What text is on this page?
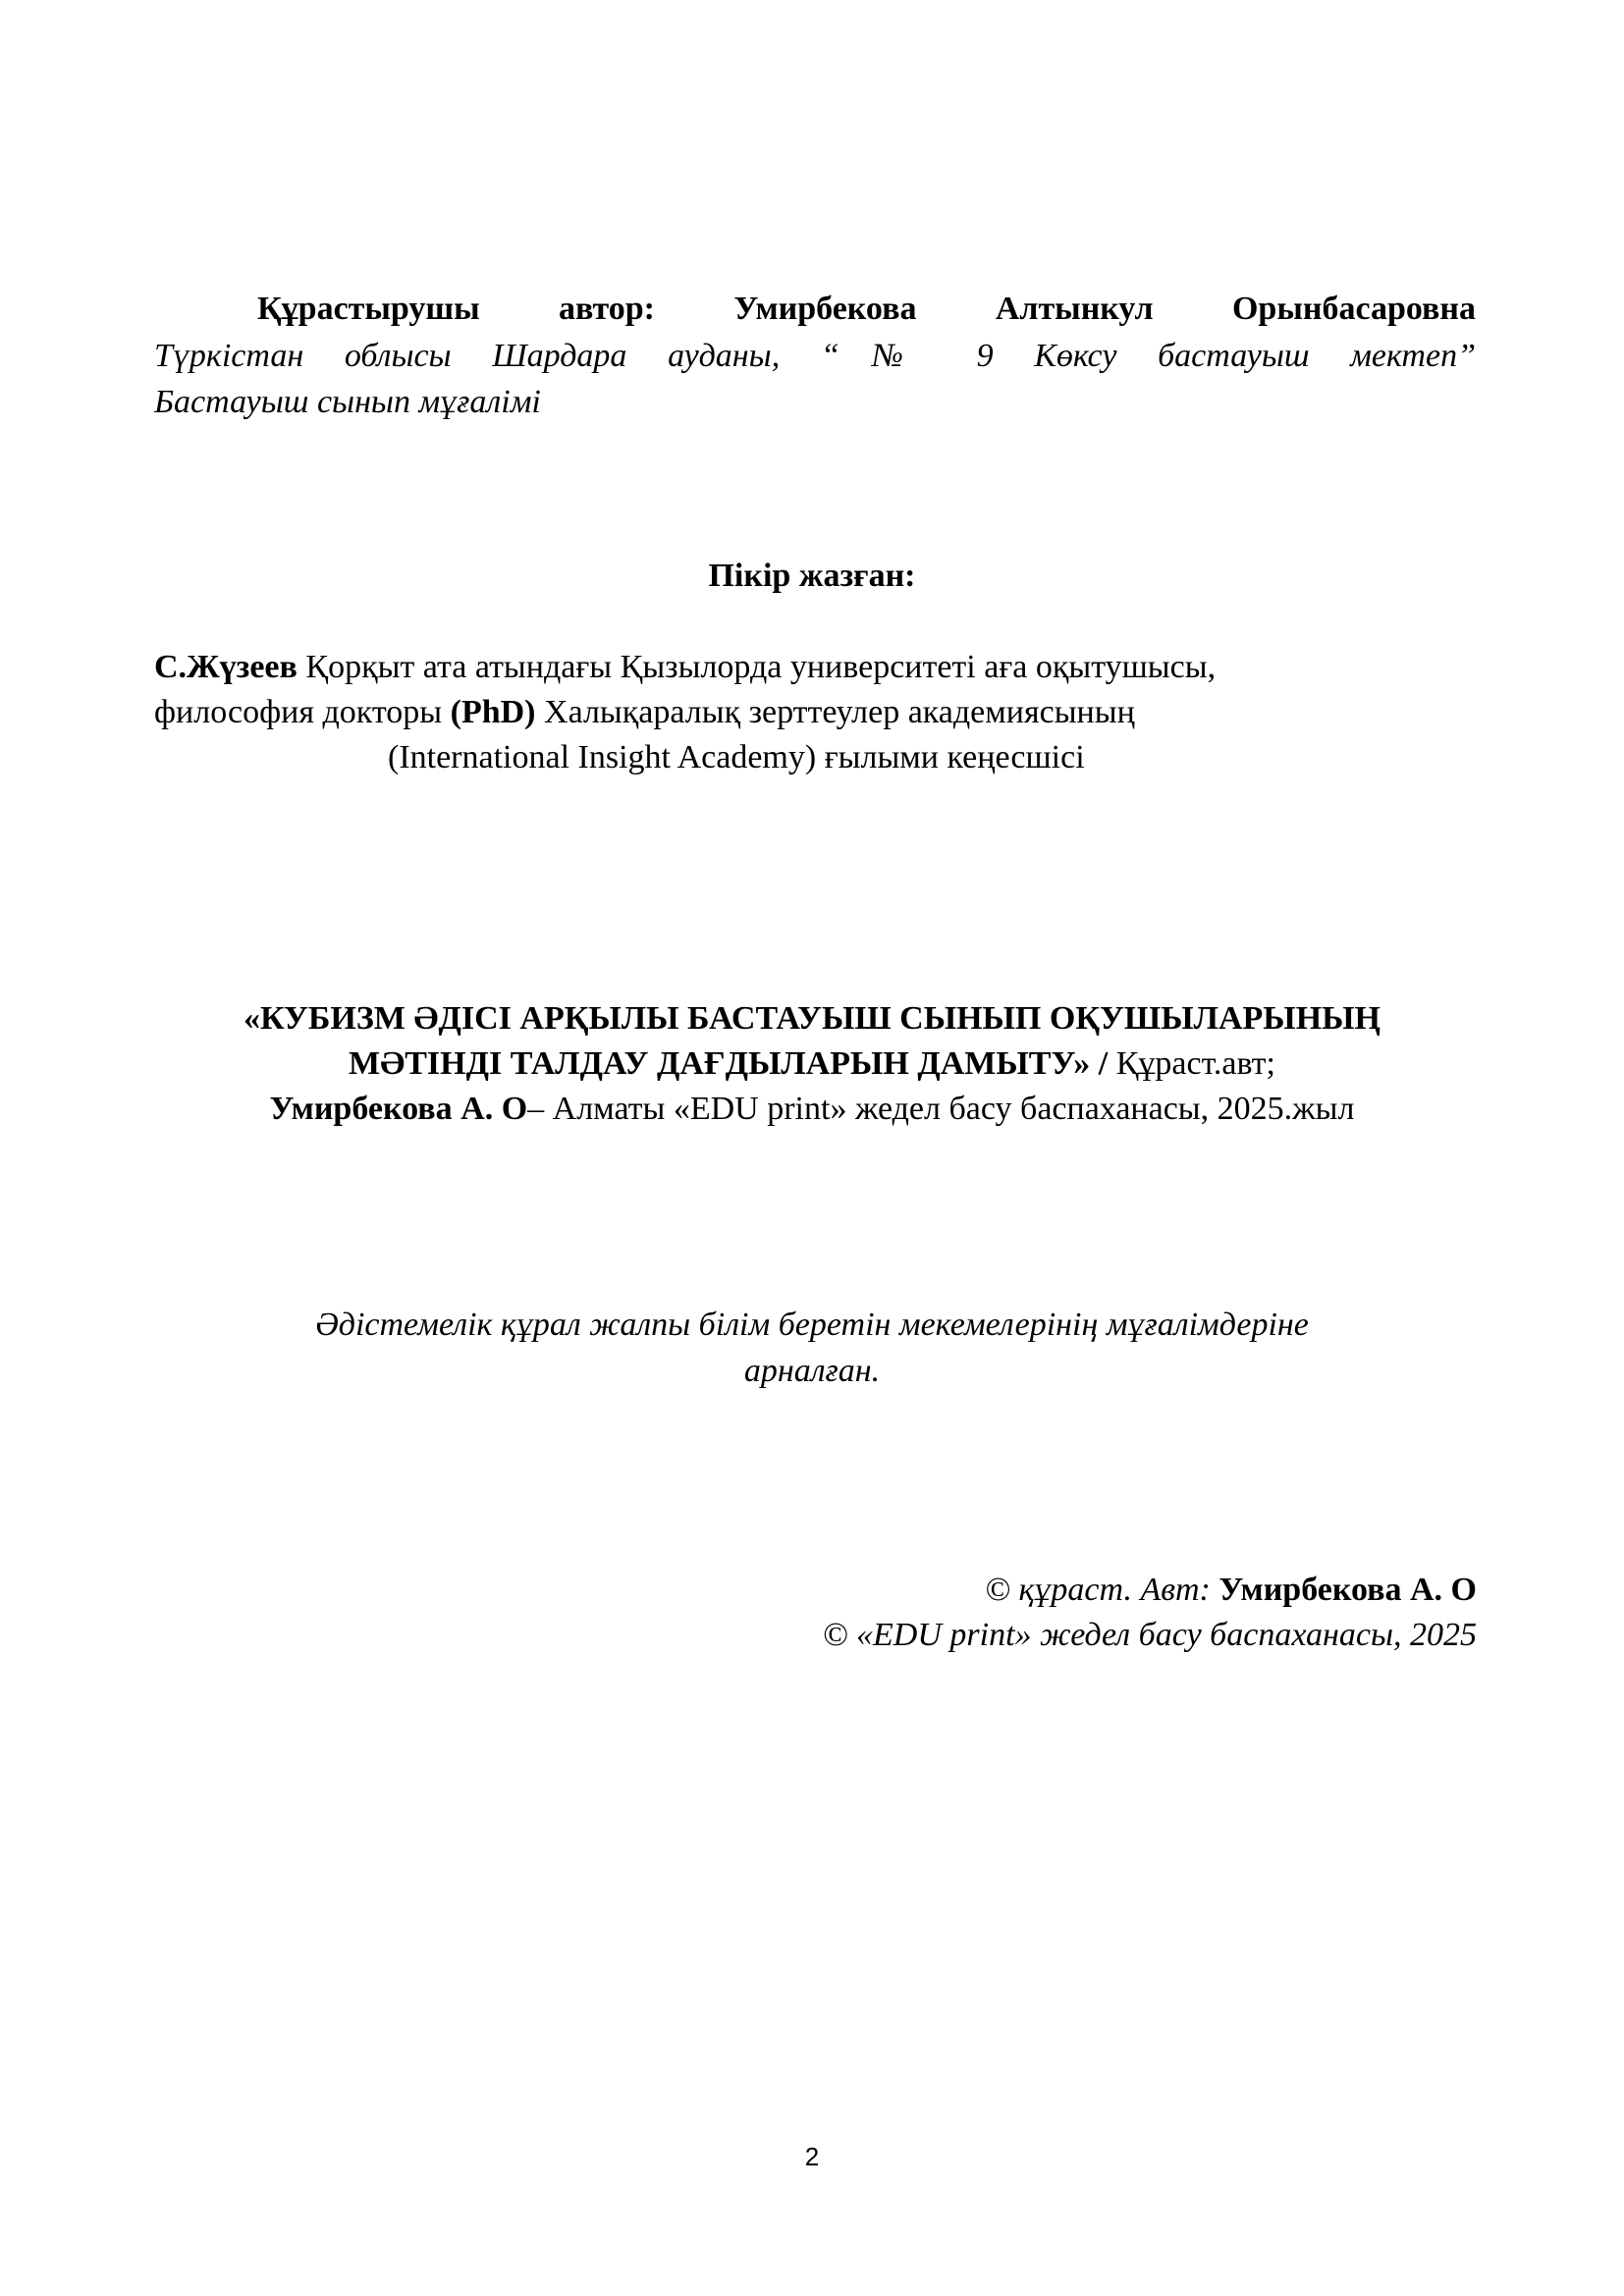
Құрастырушы автор: Умирбекова Алтынкул Орынбасаровна
Түркістан облысы Шардара ауданы, “№ 9 Көксу бастауыш мектеп”
Бастауыш сынып мұғалімі
Пікір жазған:
С.Жүзеев Қорқыт ата атындағы Қызылорда университеті аға оқытушысы,
философия докторы (PhD) Халықаралық зерттеулер академиясының
(International Insight Academy) ғылыми кеңесшісі
«КУБИЗМ ӘДІСІ АРҚЫЛЫ БАСТАУЫШ СЫНЫП ОҚУШЫЛАРЫНЫҢ
МӘТІНДІ ТАЛДАУ ДАҒДЫЛАРЫН ДАМЫТУ» / Құраст.авт;
Умирбекова А. О– Алматы «EDU print» жедел басу баспаханасы, 2025.жыл
Әдістемелік құрал жалпы білім беретін мекемелерінің мұғалімдеріне
арналған.
© құраст. Авт: Умирбекова А. О
© «EDU print» жедел басу баспаханасы, 2025
2
